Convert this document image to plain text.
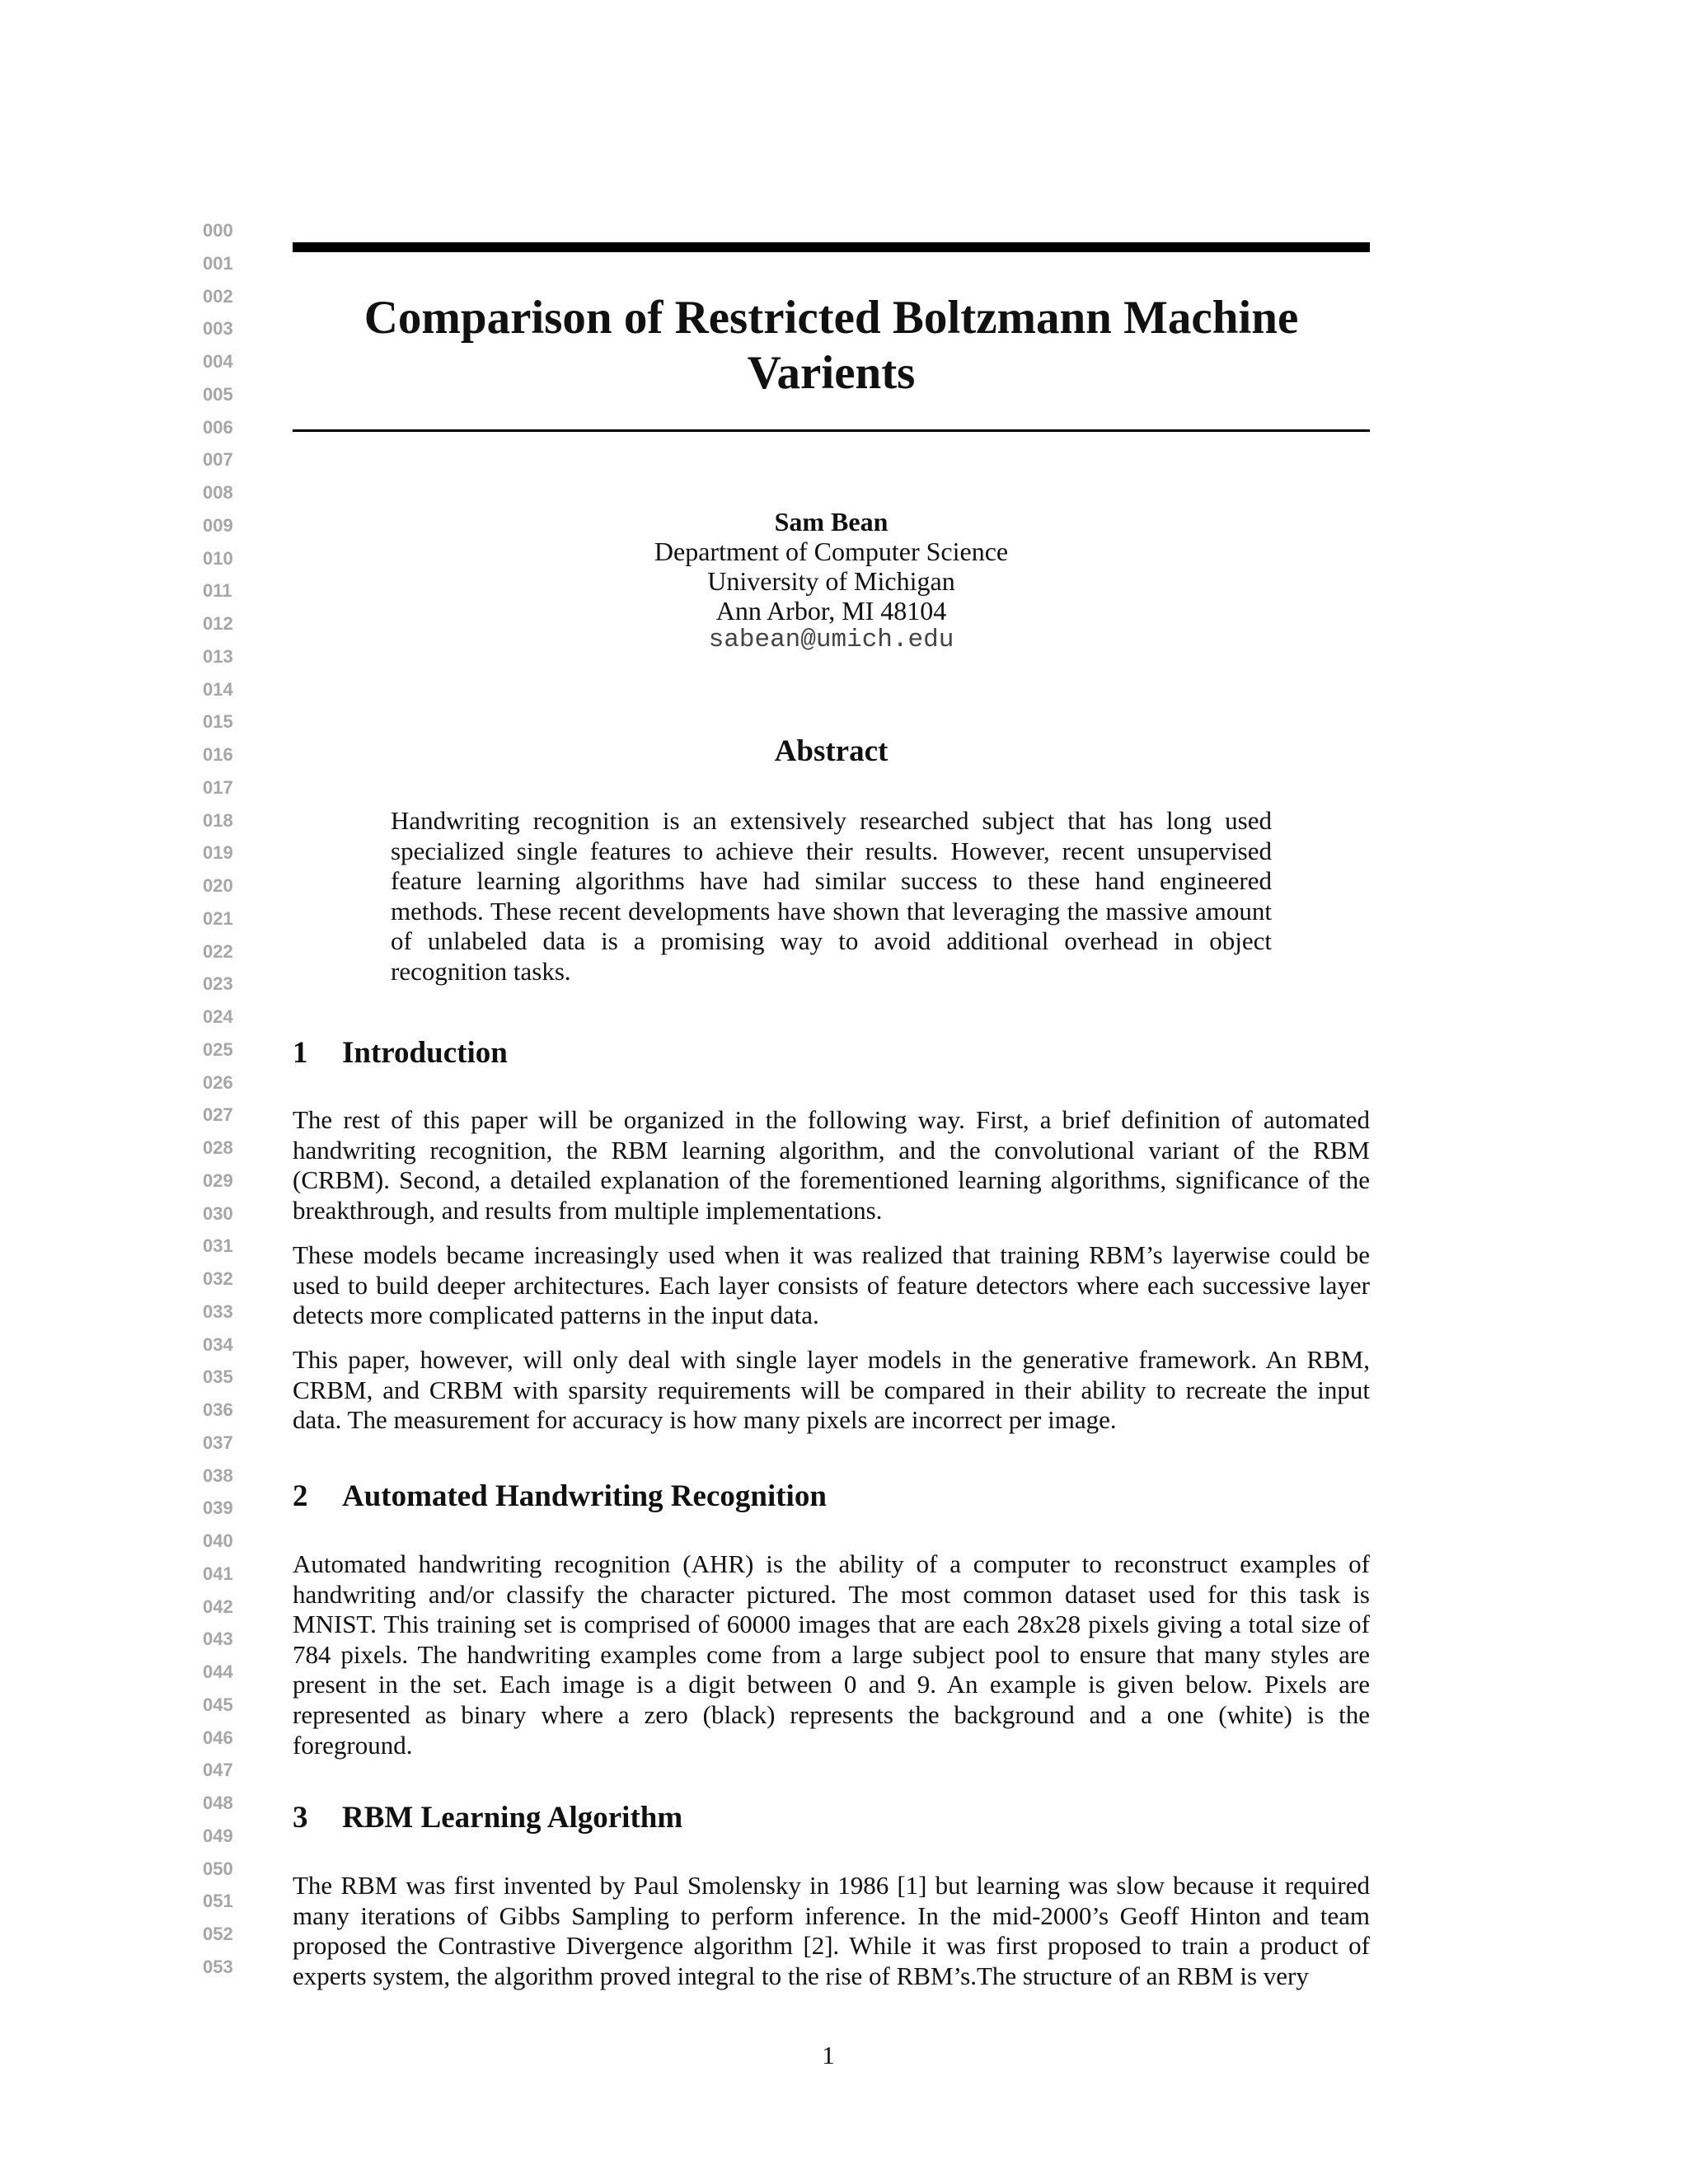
000
001
002
003
004
005
006
007
008
009
010
011
012
013
014
015
016
017
018
019
020
021
022
023
024
025
026
027
028
029
030
031
032
033
034
035
036
037
038
039
040
041
042
043
044
045
046
047
048
049
050
051
052
053
Comparison of Restricted Boltzmann Machine
Varients
Sam Bean
Department of Computer Science
University of Michigan
Ann Arbor, MI 48104
sabean@umich.edu
Abstract

Handwriting recognition is an extensively researched subject that has long used specialized single features to achieve their results. However, recent unsupervised feature learning algorithms have had similar success to these hand engineered methods. These recent developments have shown that leveraging the massive amount of unlabeled data is a promising way to avoid additional overhead in object recognition tasks.

1 Introduction

The rest of this paper will be organized in the following way. First, a brief definition of automated handwriting recognition, the RBM learning algorithm, and the convolutional variant of the RBM (CRBM). Second, a detailed explanation of the forementioned learning algorithms, significance of the breakthrough, and results from multiple implementations.

These models became increasingly used when it was realized that training RBM’s layerwise could be used to build deeper architectures. Each layer consists of feature detectors where each successive layer detects more complicated patterns in the input data.

This paper, however, will only deal with single layer models in the generative framework. An RBM, CRBM, and CRBM with sparsity requirements will be compared in their ability to recreate the input data. The measurement for accuracy is how many pixels are incorrect per image.

2 Automated Handwriting Recognition

Automated handwriting recognition (AHR) is the ability of a computer to reconstruct examples of handwriting and/or classify the character pictured. The most common dataset used for this task is MNIST. This training set is comprised of 60000 images that are each 28x28 pixels giving a total size of 784 pixels. The handwriting examples come from a large subject pool to ensure that many styles are present in the set. Each image is a digit between 0 and 9. An example is given below. Pixels are represented as binary where a zero (black) represents the background and a one (white) is the foreground.

3 RBM Learning Algorithm

The RBM was first invented by Paul Smolensky in 1986 [1] but learning was slow because it required many iterations of Gibbs Sampling to perform inference. In the mid-2000’s Geoff Hinton and team proposed the Contrastive Divergence algorithm [2]. While it was first proposed to train a product of experts system, the algorithm proved integral to the rise of RBM’s.The structure of an RBM is very

1
